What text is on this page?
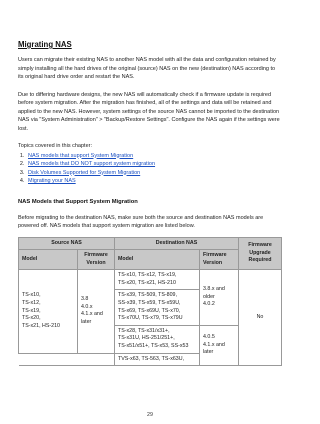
Migrating NAS

Users can migrate their existing NAS to another NAS model with all the data and configuration retained by simply installing all the hard drives of the original (source) NAS on the new (destination) NAS according to its original hard drive order and restart the NAS.

Due to differing hardware designs, the new NAS will automatically check if a firmware update is required before system migration. After the migration has finished, all of the settings and data will be retained and applied to the new NAS. However, system settings of the source NAS cannot be imported to the destination NAS via "System Administration" > "Backup/Restore Settings". Configure the NAS again if the settings were lost.

Topics covered in this chapter:

1. NAS models that support System Migration
2. NAS models that DO NOT support system migration
3. Disk Volumes Supported for System Migration
4. Migrating your NAS
NAS Models that Support System Migration

Before migrating to the destination NAS, make sure both the source and destination NAS models are powered off. NAS models that support system migration are listed below.

Source NAS		Destination NAS		Firmware Upgrade Required
Model	Firmware Version	Model	Firmware Version	
TS-x10,
TS-x12,
TS-x19,
TS-x20,
TS-x21, HS-210	3.8
4.0.x
4.1.x and
later	TS-x10, TS-x12, TS-x19,
TS-x20, TS-x21, HS-210	3.8.x and
older
4.0.2	No
		TS-x39, TS-509, TS-809,
SS-x39, TS-x59, TS-x59U,
TS-x69, TS-x69U, TS-x70,
TS-x70U, TS-x79, TS-x79U		
		TS-x28, TS-x31/x31+,
TS-x31U, HS-251/251+,
TS-x51/x51+, TS-x53, SS-x53	4.0.5
4.1.x and
later	
		TVS-x63, TS-563, TS-x63U,		
29
